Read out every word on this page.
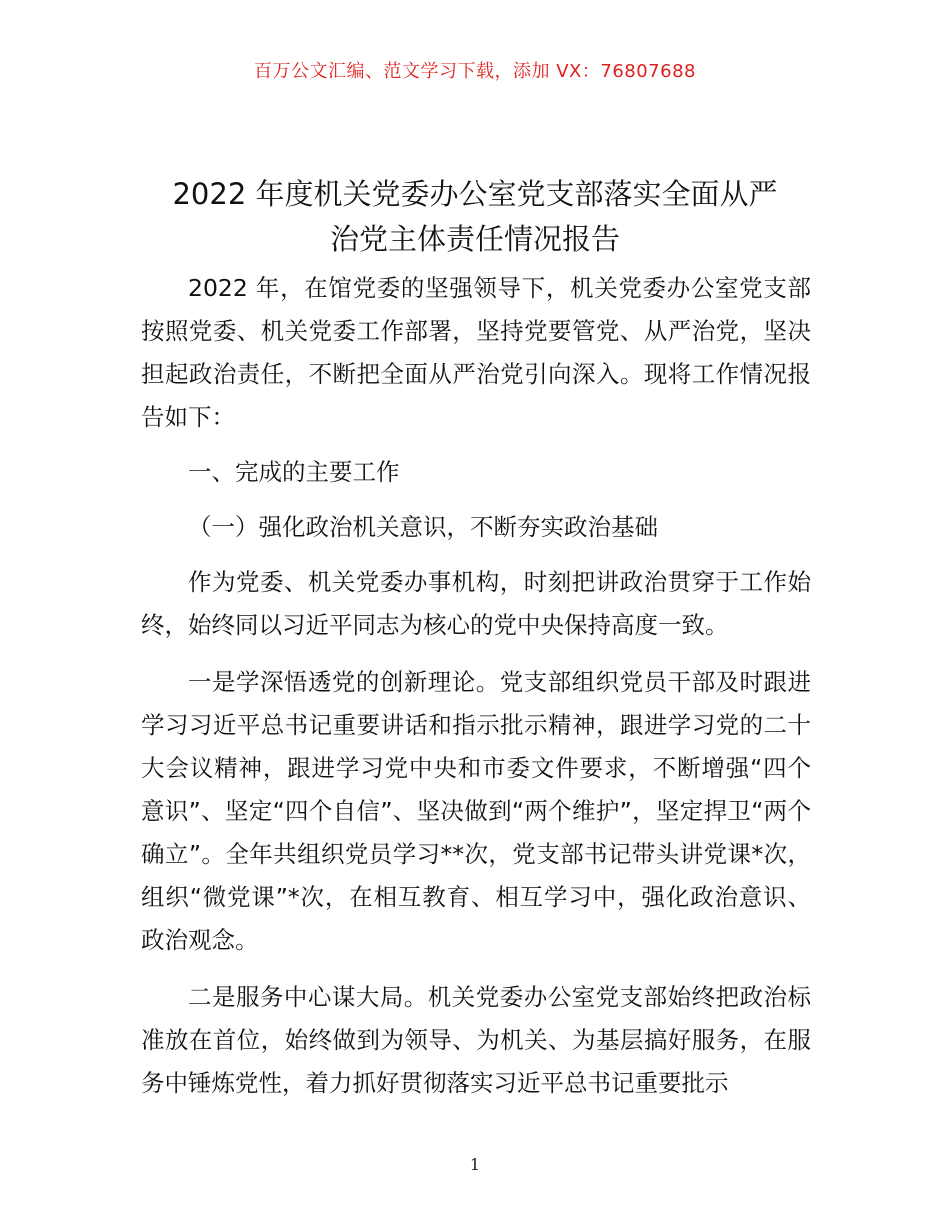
百万公文汇编、范文学习下载，添加 VX：76807688
2022 年度机关党委办公室党支部落实全面从严
治党主体责任情况报告

2022 年，在馆党委的坚强领导下，机关党委办公室党支部按照党委、机关党委工作部署，坚持党要管党、从严治党，坚决担起政治责任，不断把全面从严治党引向深入。现将工作情况报告如下：

一、完成的主要工作

（一）强化政治机关意识，不断夯实政治基础

作为党委、机关党委办事机构，时刻把讲政治贯穿于工作始终，始终同以习近平同志为核心的党中央保持高度一致。

一是学深悟透党的创新理论。党支部组织党员干部及时跟进学习习近平总书记重要讲话和指示批示精神，跟进学习党的二十大会议精神，跟进学习党中央和市委文件要求，不断增强“四个意识”、坚定“四个自信”、坚决做到“两个维护”，坚定捍卫“两个确立”。全年共组织党员学习**次，党支部书记带头讲党课*次，组织“微党课”*次，在相互教育、相互学习中，强化政治意识、政治观念。

二是服务中心谋大局。机关党委办公室党支部始终把政治标准放在首位，始终做到为领导、为机关、为基层搞好服务，在服务中锤炼党性，着力抓好贯彻落实习近平总书记重要批示

1
